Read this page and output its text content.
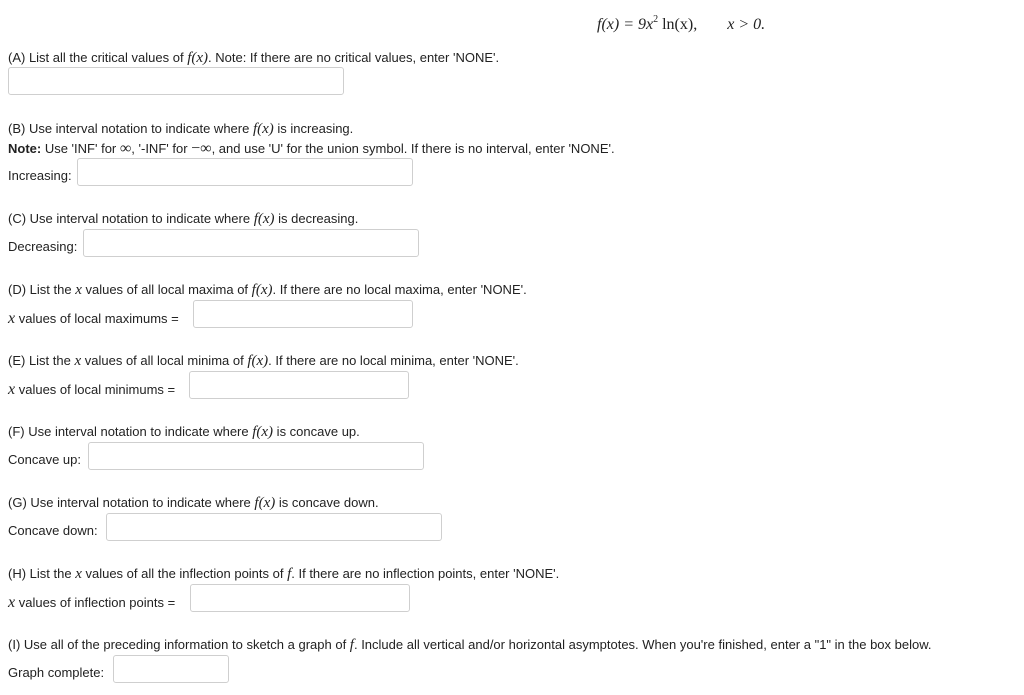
$f(x) = 9x^2$ ln(x), x > 0.
(A) List all the critical values of f(x). Note: If there are no critical values, enter 'NONE'.
(B) Use interval notation to indicate where f(x) is increasing.
Note: Use 'INF' for ∞, '-INF' for −∞, and use 'U' for the union symbol. If there is no interval, enter 'NONE'.
Increasing:
(C) Use interval notation to indicate where f(x) is decreasing.
Decreasing:
(D) List the x values of all local maxima of f(x). If there are no local maxima, enter 'NONE'.
x values of local maximums =
(E) List the x values of all local minima of f(x). If there are no local minima, enter 'NONE'.
x values of local minimums =
(F) Use interval notation to indicate where f(x) is concave up.
Concave up:
(G) Use interval notation to indicate where f(x) is concave down.
Concave down:
(H) List the x values of all the inflection points of f. If there are no inflection points, enter 'NONE'.
x values of inflection points =
(I) Use all of the preceding information to sketch a graph of f. Include all vertical and/or horizontal asymptotes. When you're finished, enter a "1" in the box below.
Graph complete:
